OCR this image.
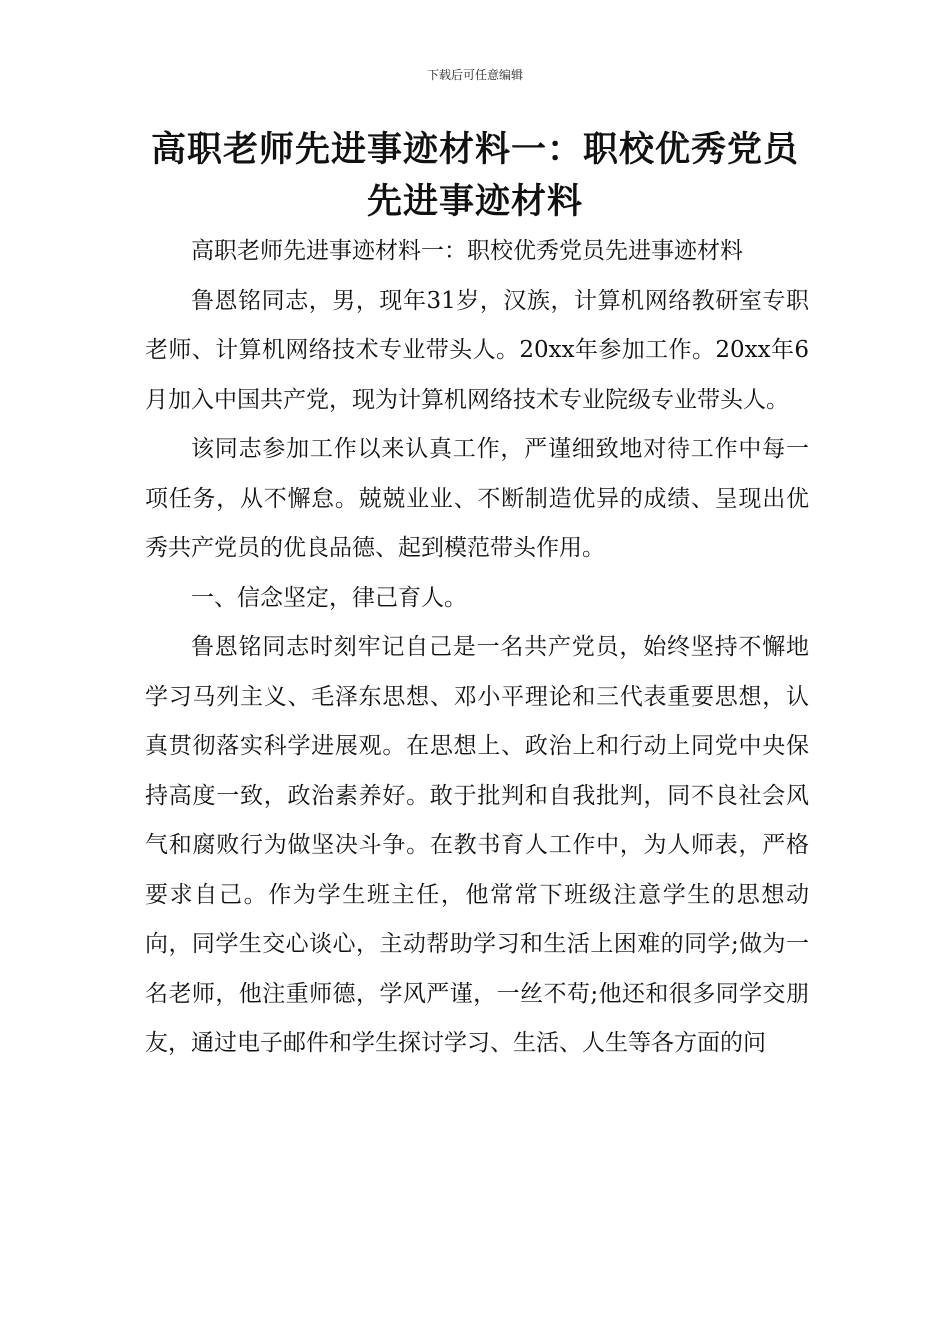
下载后可任意编辑
高职老师先进事迹材料一：职校优秀党员
先进事迹材料

高职老师先进事迹材料一：职校优秀党员先进事迹材料

鲁恩铭同志，男，现年31岁，汉族，计算机网络教研室专职老师、计算机网络技术专业带头人。20xx年参加工作。20xx年6月加入中国共产党，现为计算机网络技术专业院级专业带头人。

该同志参加工作以来认真工作，严谨细致地对待工作中每一项任务，从不懈怠。兢兢业业、不断制造优异的成绩、呈现出优秀共产党员的优良品德、起到模范带头作用。

一、信念坚定，律己育人。

鲁恩铭同志时刻牢记自己是一名共产党员，始终坚持不懈地学习马列主义、毛泽东思想、邓小平理论和三代表重要思想，认真贯彻落实科学进展观。在思想上、政治上和行动上同党中央保持高度一致，政治素养好。敢于批判和自我批判，同不良社会风气和腐败行为做坚决斗争。在教书育人工作中，为人师表，严格要求自己。作为学生班主任，他常常下班级注意学生的思想动向，同学生交心谈心，主动帮助学习和生活上困难的同学;做为一名老师，他注重师德，学风严谨，一丝不苟;他还和很多同学交朋友，通过电子邮件和学生探讨学习、生活、人生等各方面的问
